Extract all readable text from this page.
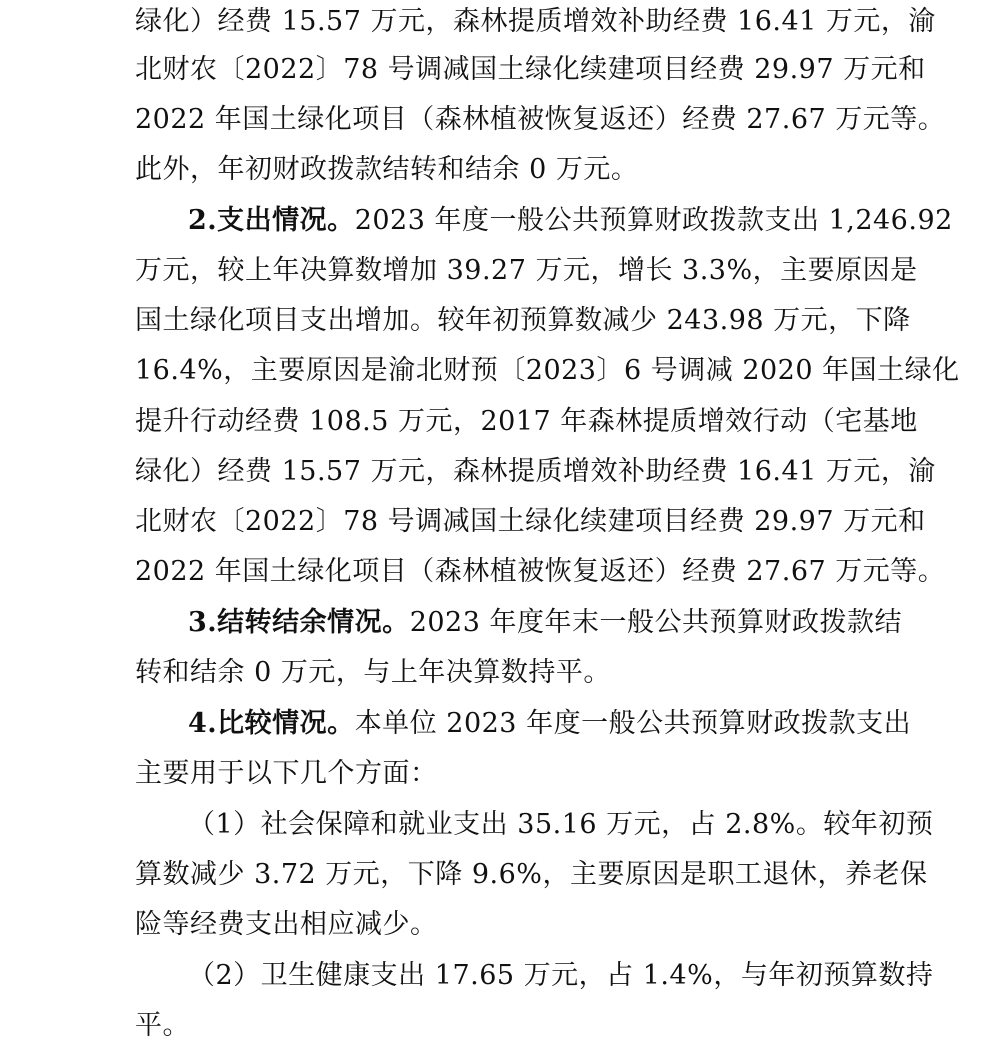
绿化）经费 15.57 万元，森林提质增效补助经费 16.41 万元，渝
北财农〔2022〕78 号调减国土绿化续建项目经费 29.97 万元和
2022 年国土绿化项目（森林植被恢复返还）经费 27.67 万元等。
此外，年初财政拨款结转和结余 0 万元。
2.支出情况。2023 年度一般公共预算财政拨款支出 1,246.92
万元，较上年决算数增加 39.27 万元，增长 3.3%，主要原因是
国土绿化项目支出增加。较年初预算数减少 243.98 万元，下降
16.4%，主要原因是渝北财预〔2023〕6 号调减 2020 年国土绿化
提升行动经费 108.5 万元，2017 年森林提质增效行动（宅基地
绿化）经费 15.57 万元，森林提质增效补助经费 16.41 万元，渝
北财农〔2022〕78 号调减国土绿化续建项目经费 29.97 万元和
2022 年国土绿化项目（森林植被恢复返还）经费 27.67 万元等。
3.结转结余情况。2023 年度年末一般公共预算财政拨款结
转和结余 0 万元，与上年决算数持平。
4.比较情况。本单位 2023 年度一般公共预算财政拨款支出
主要用于以下几个方面：
（1）社会保障和就业支出 35.16 万元，占 2.8%。较年初预
算数减少 3.72 万元，下降 9.6%，主要原因是职工退休，养老保
险等经费支出相应减少。
（2）卫生健康支出 17.65 万元，占 1.4%，与年初预算数持
平。
